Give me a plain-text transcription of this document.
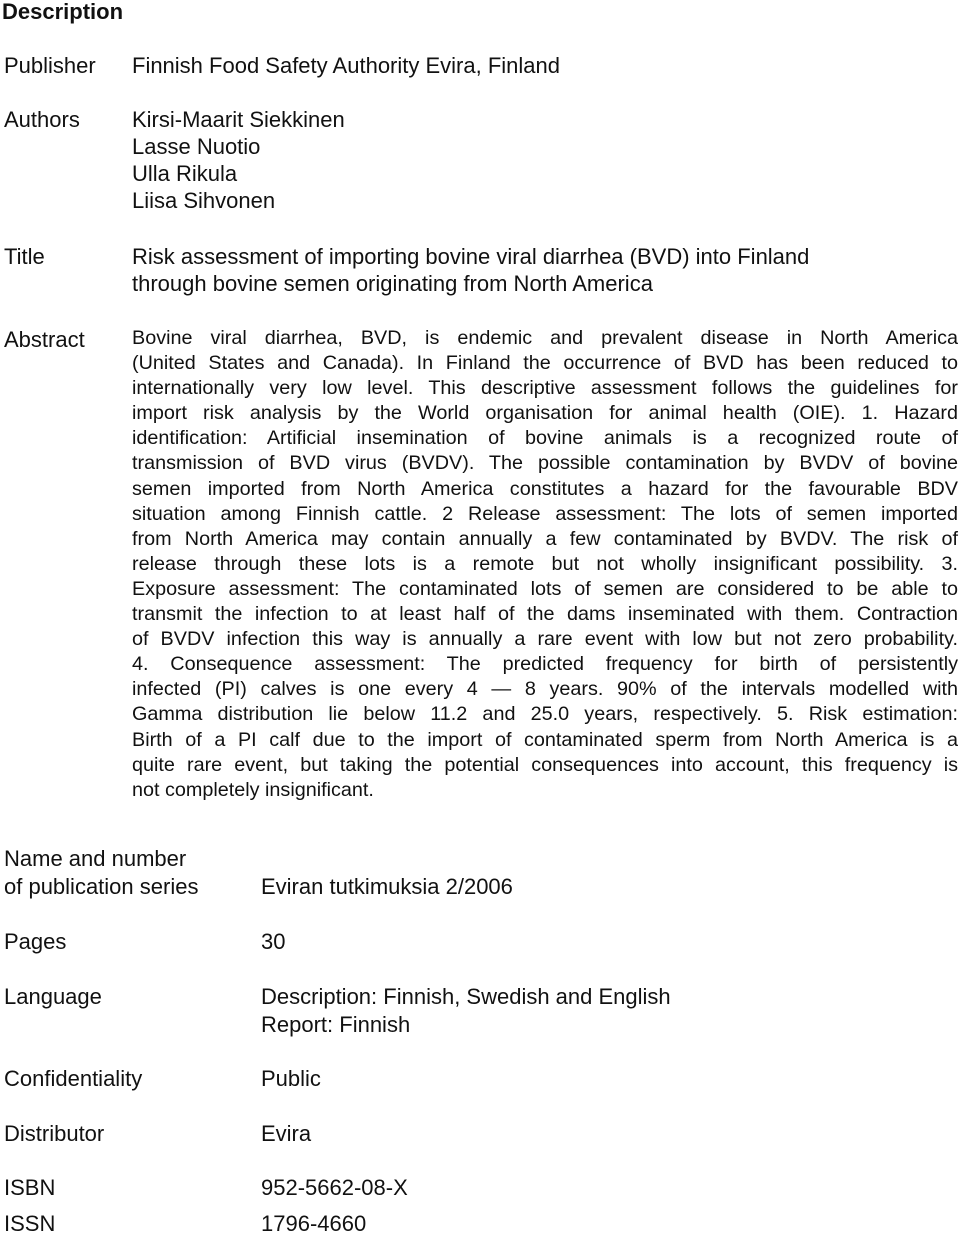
Description
Publisher Finnish Food Safety Authority Evira, Finland
Authors Kirsi-Maarit Siekkinen
Lasse Nuotio
Ulla Rikula
Liisa Sihvonen
Title	Risk assessment of importing bovine viral diarrhea (BVD) into Finland
through bovine semen originating from North America
Abstract Bovine viral diarrhea, BVD, is endemic and prevalent disease in North America
(United States and Canada). In Finland the occurrence of BVD has been reduced to
internationally very low level. This descriptive assessment follows the guidelines for
import risk analysis by the World organisation for animal health (OIE). 1. Hazard
identification: Artificial insemination of bovine animals is a recognized route of
transmission of BVD virus (BVDV). The possible contamination by BVDV of bovine
semen imported from North America constitutes a hazard for the favourable BDV
situation among Finnish cattle. 2 Release assessment: The lots of semen imported
from North America may contain annually a few contaminated by BVDV. The risk of
release through these lots is a remote but not wholly insignificant possibility. 3.
Exposure assessment: The contaminated lots of semen are considered to be able to
transmit the infection to at least half of the dams inseminated with them. Contraction
of BVDV infection this way is annually a rare event with low but not zero probability.
4. Consequence assessment: The predicted frequency for birth of persistently
infected (PI) calves is one every 4 — 8 years. 90% of the intervals modelled with
Gamma distribution lie below 11.2 and 25.0 years, respectively. 5. Risk estimation:
Birth of a PI calf due to the import of contaminated sperm from North America is a
quite rare event, but taking the potential consequences into account, this frequency is
not completely insignificant.
Name and number
of publication series	Eviran tutkimuksia 2/2006
Pages	30
Language	Description: Finnish, Swedish and English
Report: Finnish
Confidentiality	Public
Distributor	Evira
ISBN	952-5662-08-X
ISSN	1796-4660
